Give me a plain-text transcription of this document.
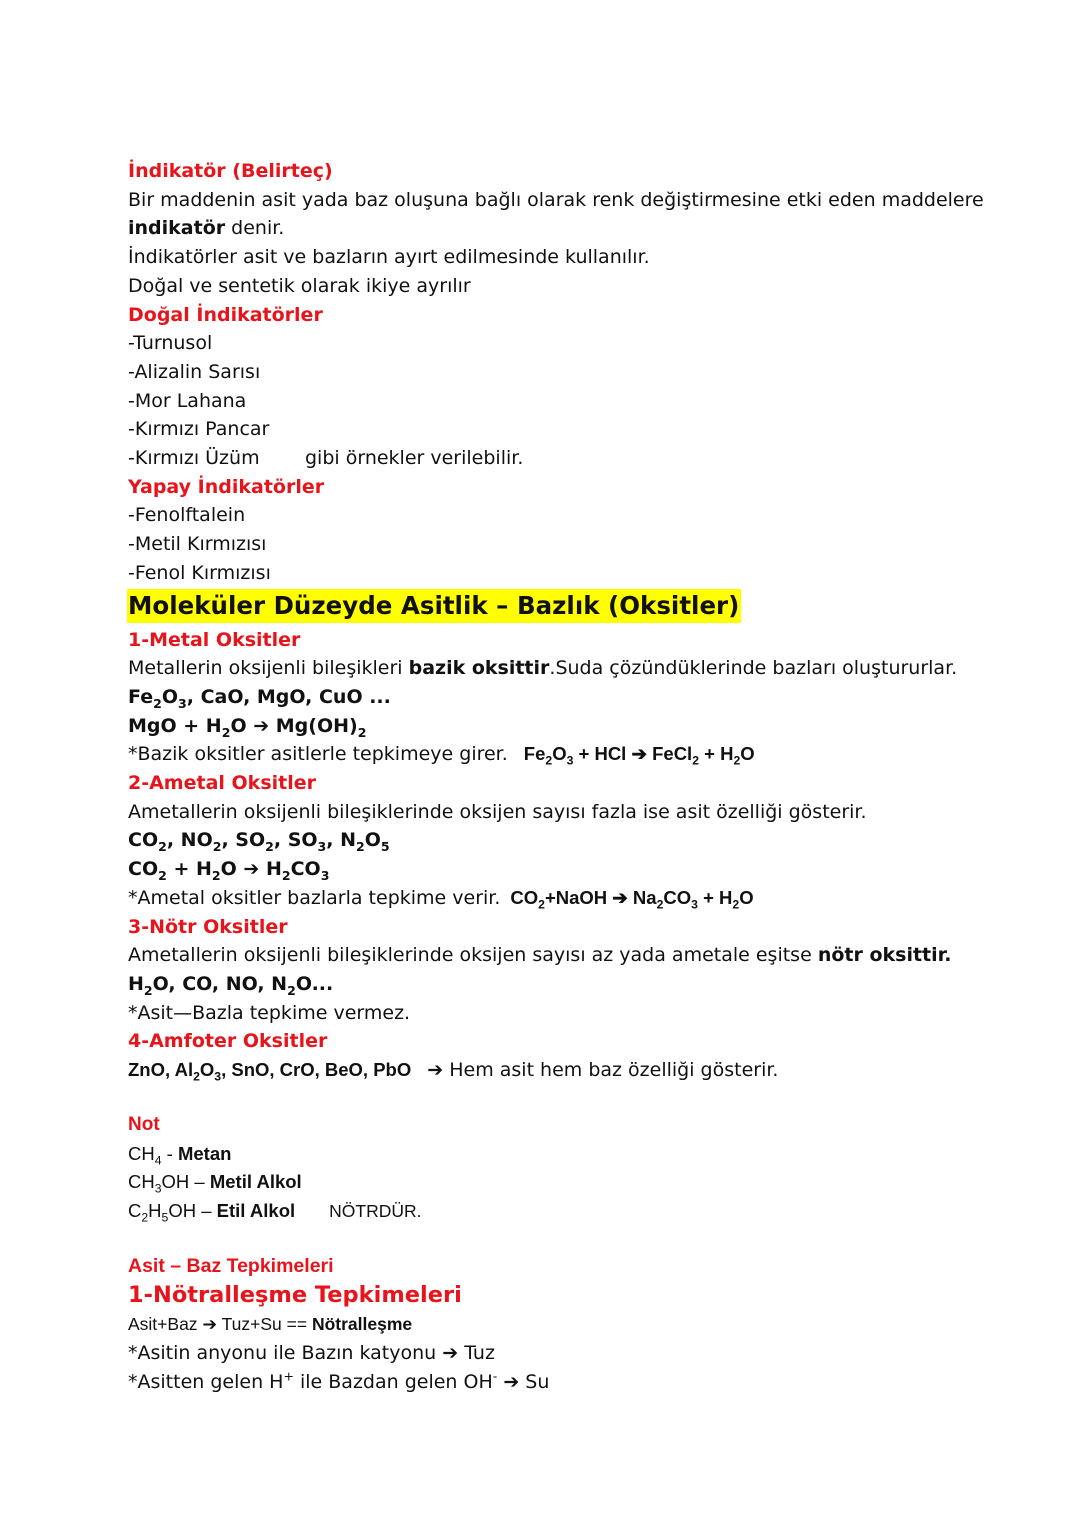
İndikatör (Belirteç)
Bir maddenin asit yada baz oluşuna bağlı olarak renk değiştirmesine etki eden maddelere
indikatör denir.
İndikatörler asit ve bazların ayırt edilmesinde kullanılır.
Doğal ve sentetik olarak ikiye ayrılır
Doğal İndikatörler
-Turnusol
-Alizalin Sarısı
-Mor Lahana
-Kırmızı Pancar
-Kırmızı Üzüm gibi örnekler verilebilir.
Yapay İndikatörler
-Fenolftalein
-Metil Kırmızısı
-Fenol Kırmızısı
Moleküler Düzeyde Asitlik – Bazlık (Oksitler)
1-Metal Oksitler
Metallerin oksijenli bileşikleri bazik oksittir.Suda çözündüklerinde bazları oluştururlar.
$Fe_2O_3$, CaO, MgO, CuO ...
MgO + $H_2O$ ➔ $Mg(OH)_2$
*Bazik oksitler asitlerle tepkimeye girer. $Fe_2O_3$ + HCl ➔ FeCl$_2$ + $H_2O$
2-Ametal Oksitler
Ametallerin oksijenli bileşiklerinde oksijen sayısı fazla ise asit özelliği gösterir.
$CO_2$, $NO_2$, $SO_2$, $SO_3$, $N_2O_5$
$CO_2 + H_2O$ ➔ $H_2CO_3$
*Ametal oksitler bazlarla tepkime verir. $CO_2+NaOH$ ➔ $Na_2CO_3 + H_2O$
3-Nötr Oksitler
Ametallerin oksijenli bileşiklerinde oksijen sayısı az yada ametale eşitse nötr oksittir.
$H_2O$, CO, NO, $N_2O$...
*Asit—Bazla tepkime vermez.
4-Amfoter Oksitler
ZnO, $Al_2O_3$, SnO, CrO, BeO, PbO ➔ Hem asit hem baz özelliği gösterir.
Not
$CH_4$ - Metan
$CH_3OH$ – Metil Alkol
$C_2H_5OH$ – Etil Alkol NÖTRDÜR.
Asit – Baz Tepkimeleri
1-Nötralleşme Tepkimeleri
Asit+Baz ➔ Tuz+Su == Nötralleşme
*Asitin anyonu ile Bazın katyonu ➔ Tuz
*Asitten gelen H+ ile Bazdan gelen OH- ➔ Su
